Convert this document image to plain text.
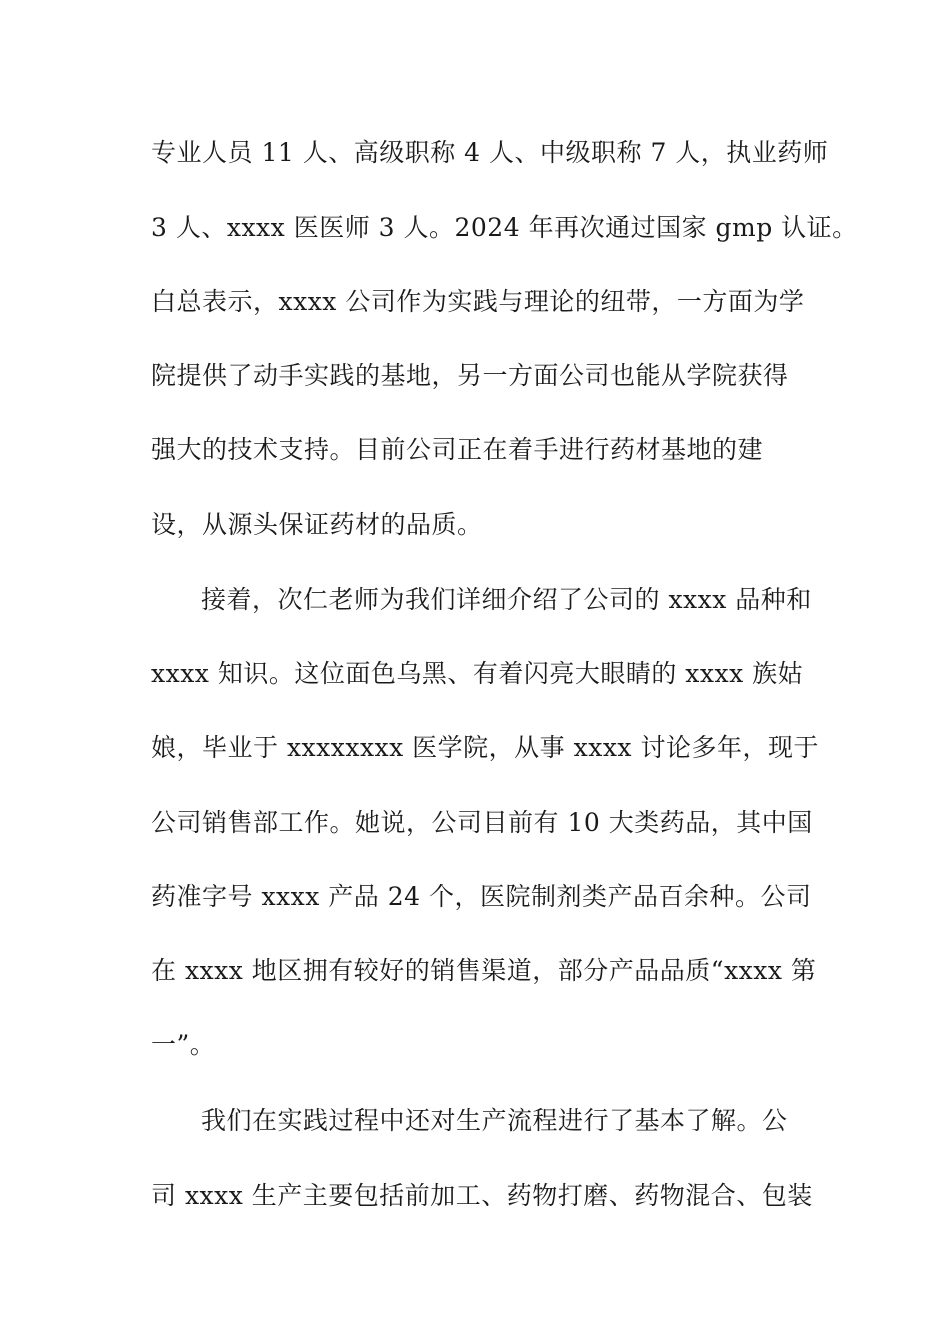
专业人员 11 人、高级职称 4 人、中级职称 7 人，执业药师
3 人、xxxx 医医师 3 人。2024 年再次通过国家 gmp 认证。
白总表示，xxxx 公司作为实践与理论的纽带，一方面为学
院提供了动手实践的基地，另一方面公司也能从学院获得
强大的技术支持。目前公司正在着手进行药材基地的建
设，从源头保证药材的品质。
接着，次仁老师为我们详细介绍了公司的 xxxx 品种和
xxxx 知识。这位面色乌黑、有着闪亮大眼睛的 xxxx 族姑
娘，毕业于 xxxxxxxx 医学院，从事 xxxx 讨论多年，现于
公司销售部工作。她说，公司目前有 10 大类药品，其中国
药准字号 xxxx 产品 24 个，医院制剂类产品百余种。公司
在 xxxx 地区拥有较好的销售渠道，部分产品品质“xxxx 第
一”。
我们在实践过程中还对生产流程进行了基本了解。公
司 xxxx 生产主要包括前加工、药物打磨、药物混合、包装
